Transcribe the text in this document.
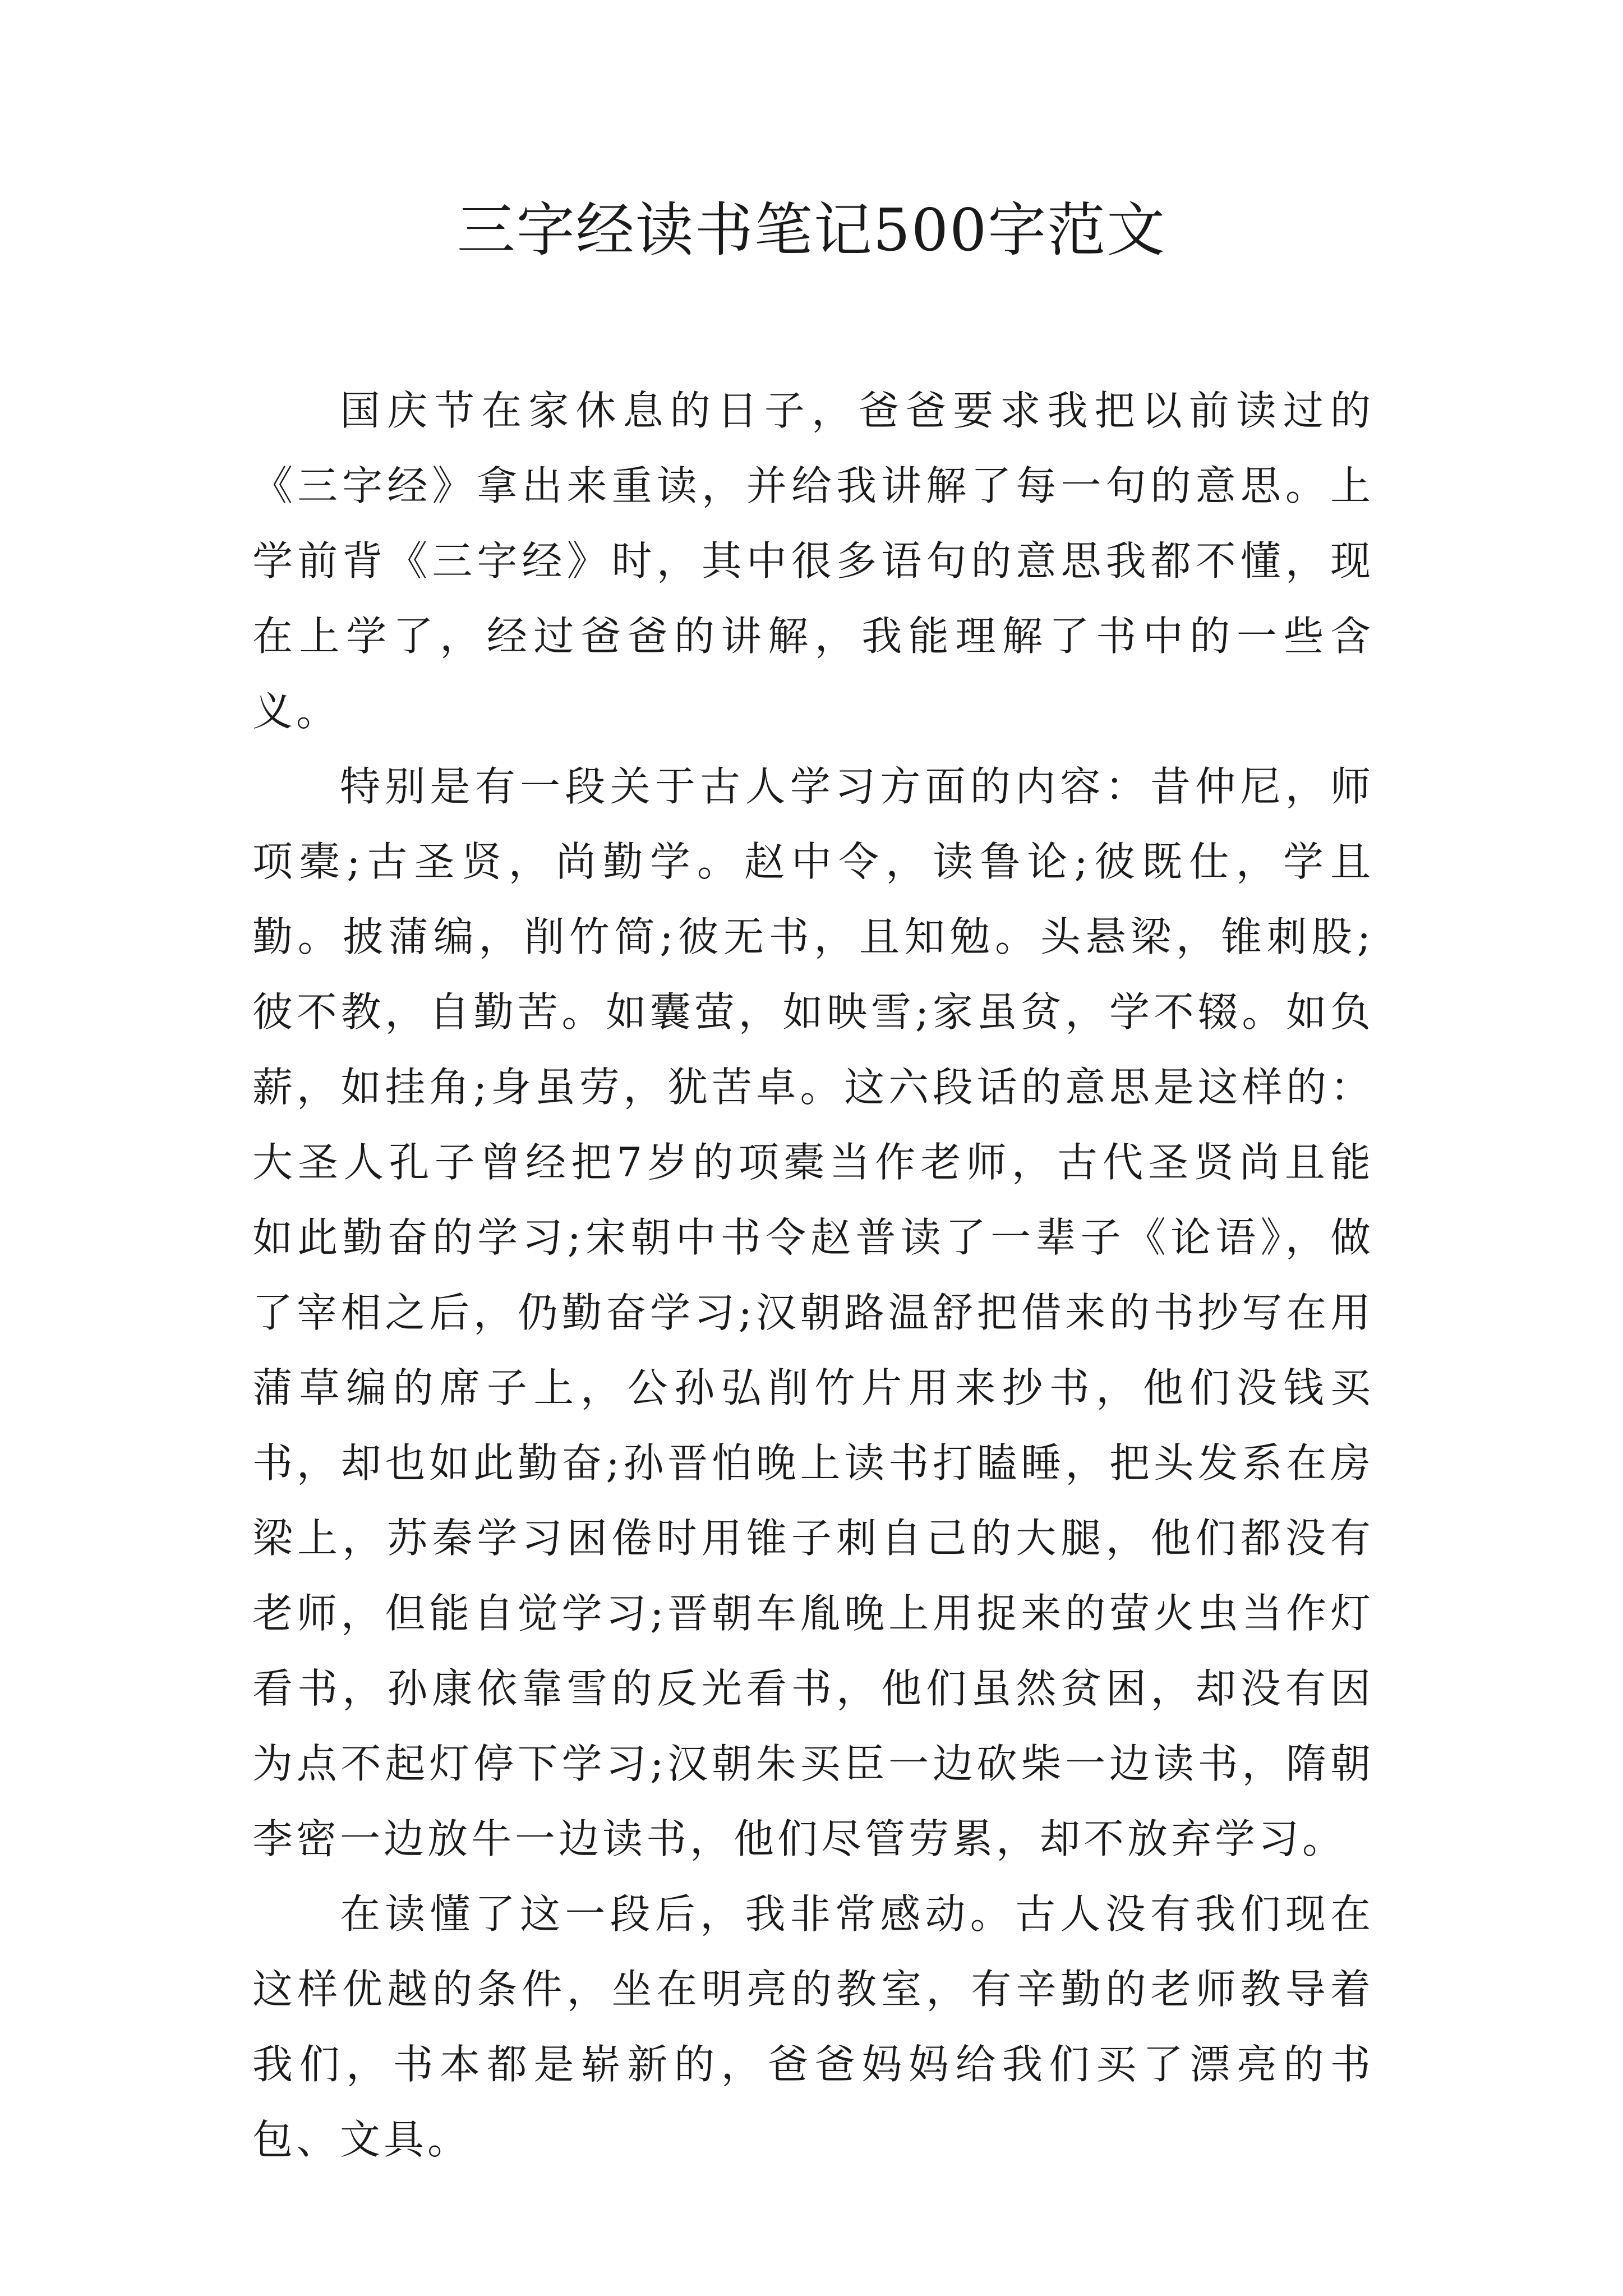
三字经读书笔记500字范文

国庆节在家休息的日子，爸爸要求我把以前读过的《三字经》拿出来重读，并给我讲解了每一句的意思。上学前背《三字经》时，其中很多语句的意思我都不懂，现在上学了，经过爸爸的讲解，我能理解了书中的一些含义。

特别是有一段关于古人学习方面的内容：昔仲尼，师项橐;古圣贤，尚勤学。赵中令，读鲁论;彼既仕，学且勤。披蒲编，削竹简;彼无书，且知勉。头悬梁，锥刺股;彼不教，自勤苦。如囊萤，如映雪;家虽贫，学不辍。如负薪，如挂角;身虽劳，犹苦卓。这六段话的意思是这样的：大圣人孔子曾经把7岁的项橐当作老师，古代圣贤尚且能如此勤奋的学习;宋朝中书令赵普读了一辈子《论语》，做了宰相之后，仍勤奋学习;汉朝路温舒把借来的书抄写在用蒲草编的席子上，公孙弘削竹片用来抄书，他们没钱买书，却也如此勤奋;孙晋怕晚上读书打瞌睡，把头发系在房梁上，苏秦学习困倦时用锥子刺自己的大腿，他们都没有老师，但能自觉学习;晋朝车胤晚上用捉来的萤火虫当作灯看书，孙康依靠雪的反光看书，他们虽然贫困，却没有因为点不起灯停下学习;汉朝朱买臣一边砍柴一边读书，隋朝李密一边放牛一边读书，他们尽管劳累，却不放弃学习。

在读懂了这一段后，我非常感动。古人没有我们现在这样优越的条件，坐在明亮的教室，有辛勤的老师教导着我们，书本都是崭新的，爸爸妈妈给我们买了漂亮的书包、文具。
